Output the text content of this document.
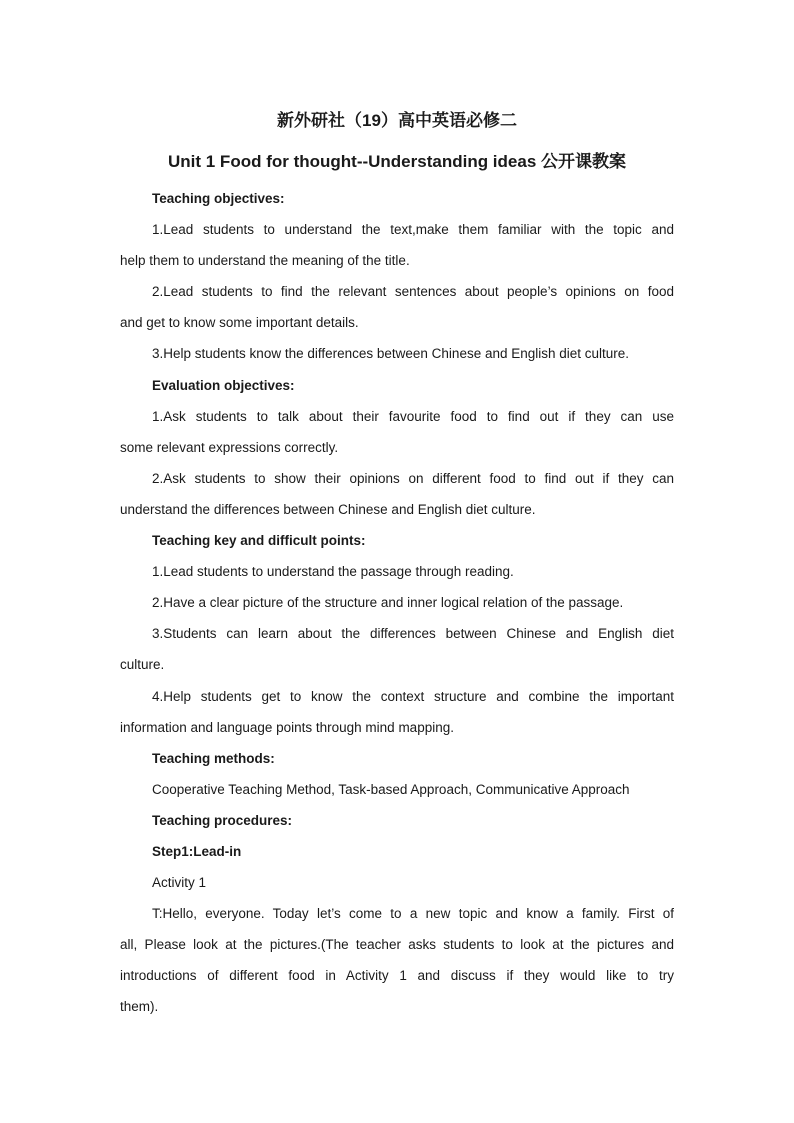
新外研社（19）高中英语必修二
Unit 1 Food for thought--Understanding ideas 公开课教案
Teaching objectives:
1.Lead students to understand the text,make them familiar with the topic and
help them to understand the meaning of the title.
2.Lead students to find the relevant sentences about people’s opinions on food
and get to know some important details.
3.Help students know the differences between Chinese and English diet culture.
Evaluation objectives:
1.Ask students to talk about their favourite food to find out if they can use
some relevant expressions correctly.
2.Ask students to show their opinions on different food to find out if they can
understand the differences between Chinese and English diet culture.
Teaching key and difficult points:
1.Lead students to understand the passage through reading.
2.Have a clear picture of the structure and inner logical relation of the passage.
3.Students can learn about the differences between Chinese and English diet
culture.
4.Help students get to know the context structure and combine the important
information and language points through mind mapping.
Teaching methods:
Cooperative Teaching Method, Task-based Approach, Communicative Approach
Teaching procedures:
Step1:Lead-in
Activity 1
T:Hello, everyone. Today let’s come to a new topic and know a family. First of
all, Please look at the pictures.(The teacher asks students to look at the pictures and
introductions of different food in Activity 1 and discuss if they would like to try
them).
